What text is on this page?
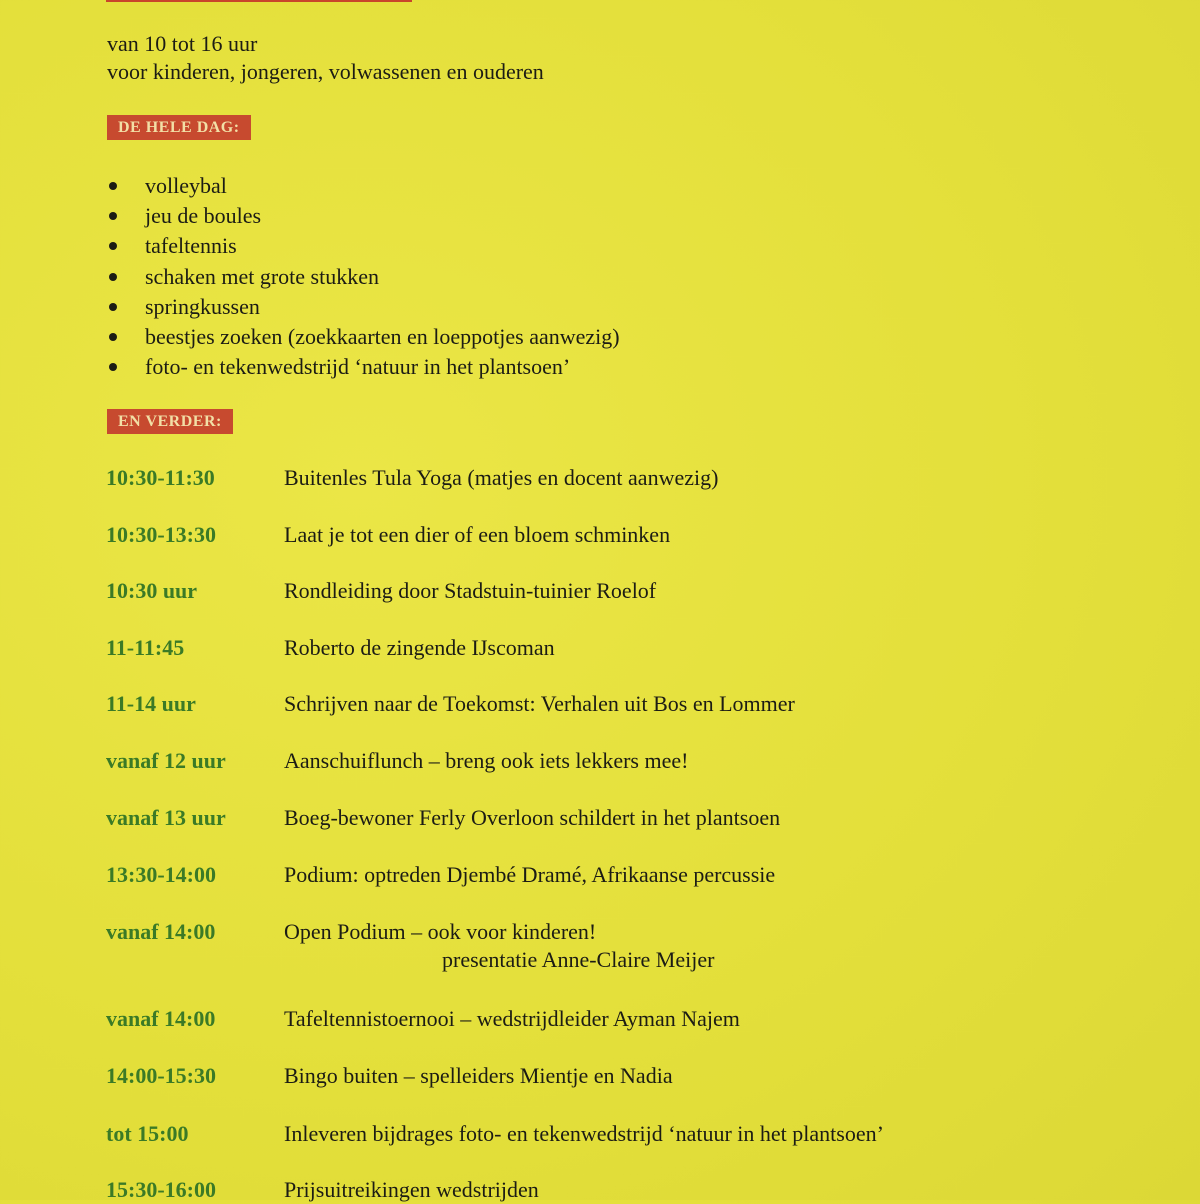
van 10 tot 16 uur
voor kinderen, jongeren, volwassenen en ouderen
DE HELE DAG:
volleybal
jeu de boules
tafeltennis
schaken met grote stukken
springkussen
beestjes zoeken (zoekkaarten en loeppotjes aanwezig)
foto- en tekenwedstrijd ‘natuur in het plantsoen’
EN VERDER:
10:30-11:30	Buitenles Tula Yoga (matjes en docent aanwezig)
10:30-13:30	Laat je tot een dier of een bloem schminken
10:30 uur	Rondleiding door Stadstuin-tuinier Roelof
11-11:45	Roberto de zingende IJscoman
11-14 uur	Schrijven naar de Toekomst: Verhalen uit Bos en Lommer
vanaf 12 uur	Aanschuiflunch – breng ook iets lekkers mee!
vanaf 13 uur	Boeg-bewoner Ferly Overloon schildert in het plantsoen
13:30-14:00	Podium: optreden Djembé Dramé, Afrikaanse percussie
vanaf 14:00	Open Podium – ook voor kinderen!
presentatie Anne-Claire Meijer
vanaf 14:00	Tafeltennistoernooi – wedstrijdleider Ayman Najem
14:00-15:30	Bingo buiten – spelleiders Mientje en Nadia
tot 15:00	Inleveren bijdrages foto- en tekenwedstrijd ‘natuur in het plantsoen’
15:30-16:00	Prijsuitreikingen wedstrijden
